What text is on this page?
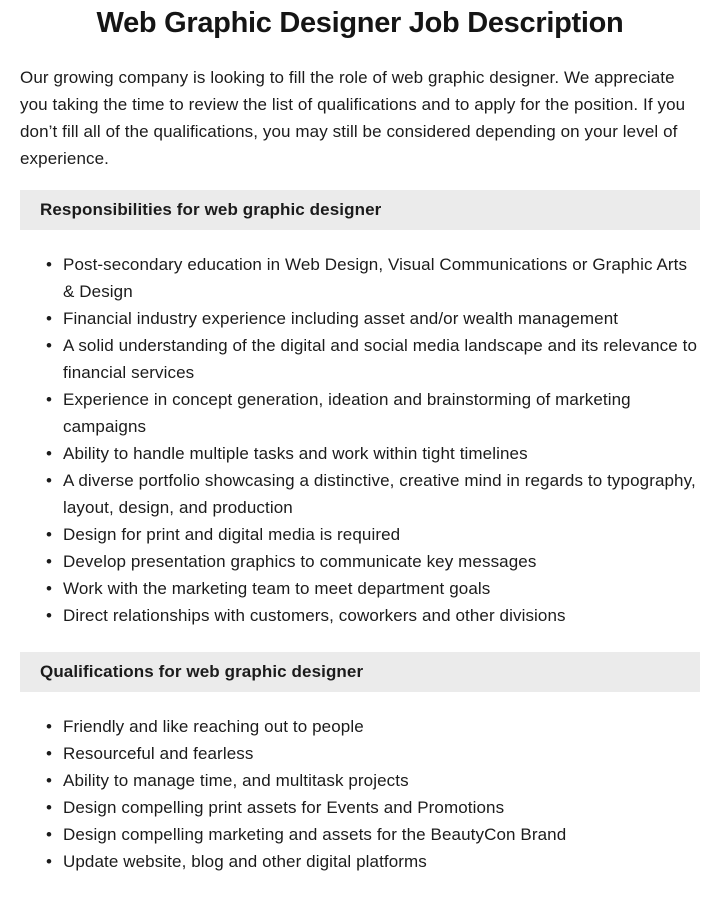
Web Graphic Designer Job Description

Our growing company is looking to fill the role of web graphic designer. We appreciate you taking the time to review the list of qualifications and to apply for the position. If you don’t fill all of the qualifications, you may still be considered depending on your level of experience.

Responsibilities for web graphic designer
• Post-secondary education in Web Design, Visual Communications or Graphic Arts & Design
• Financial industry experience including asset and/or wealth management
• A solid understanding of the digital and social media landscape and its relevance to financial services
• Experience in concept generation, ideation and brainstorming of marketing campaigns
• Ability to handle multiple tasks and work within tight timelines
• A diverse portfolio showcasing a distinctive, creative mind in regards to typography, layout, design, and production
• Design for print and digital media is required
• Develop presentation graphics to communicate key messages
• Work with the marketing team to meet department goals
• Direct relationships with customers, coworkers and other divisions
Qualifications for web graphic designer
• Friendly and like reaching out to people
• Resourceful and fearless
• Ability to manage time, and multitask projects
• Design compelling print assets for Events and Promotions
• Design compelling marketing and assets for the BeautyCon Brand
• Update website, blog and other digital platforms
